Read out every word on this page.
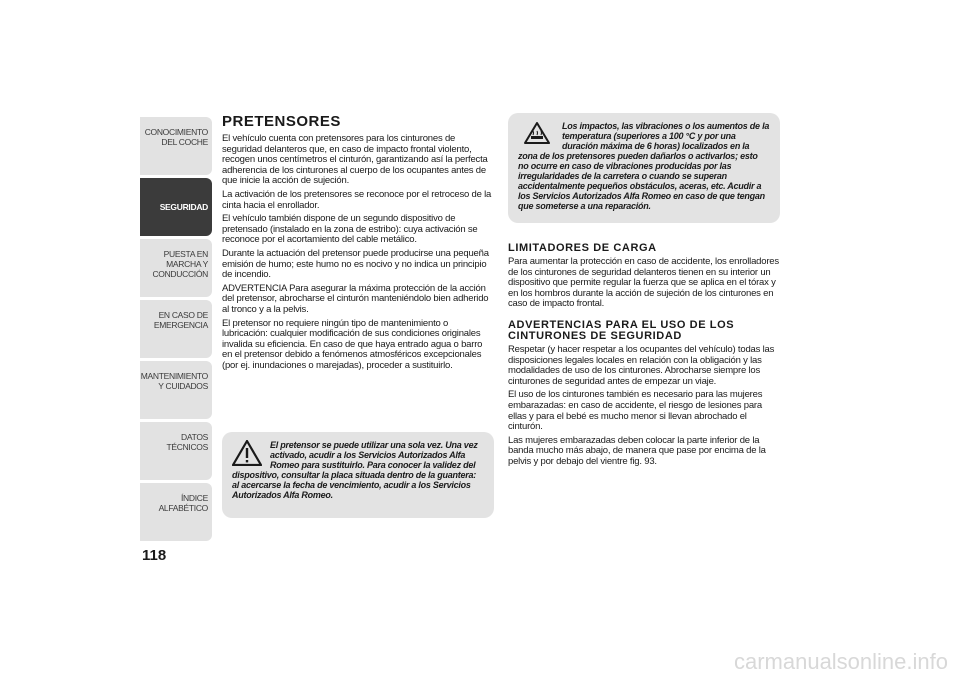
CONOCIMIENTO DEL COCHE
SEGURIDAD
PUESTA EN MARCHA Y CONDUCCIÓN
EN CASO DE EMERGENCIA
MANTENIMIENTO Y CUIDADOS
DATOS TÉCNICOS
ÍNDICE ALFABÉTICO
118
PRETENSORES

El vehículo cuenta con pretensores para los cinturones de seguridad delanteros que, en caso de impacto frontal violento, recogen unos centímetros el cinturón, garantizando así la perfecta adherencia de los cinturones al cuerpo de los ocupantes antes de que inicie la acción de sujeción.

La activación de los pretensores se reconoce por el retroceso de la cinta hacia el enrollador.

El vehículo también dispone de un segundo dispositivo de pretensado (instalado en la zona de estribo): cuya activación se reconoce por el acortamiento del cable metálico.

Durante la actuación del pretensor puede producirse una pequeña emisión de humo; este humo no es nocivo y no indica un principio de incendio.

ADVERTENCIA Para asegurar la máxima protección de la acción del pretensor, abrocharse el cinturón manteniéndolo bien adherido al tronco y a la pelvis.

El pretensor no requiere ningún tipo de mantenimiento o lubricación: cualquier modificación de sus condiciones originales invalida su eficiencia. En caso de que haya entrado agua o barro en el pretensor debido a fenómenos atmosféricos excepcionales (por ej. inundaciones o marejadas), proceder a sustituirlo.

El pretensor se puede utilizar una sola vez. Una vez activado, acudir a los Servicios Autorizados Alfa Romeo para sustituirlo. Para conocer la validez del dispositivo, consultar la placa situada dentro de la guantera: al acercarse la fecha de vencimiento, acudir a los Servicios Autorizados Alfa Romeo.
Los impactos, las vibraciones o los aumentos de la temperatura (superiores a 100 °C y por una duración máxima de 6 horas) localizados en la zona de los pretensores pueden dañarlos o activarlos; esto no ocurre en caso de vibraciones producidas por las irregularidades de la carretera o cuando se superan accidentalmente pequeños obstáculos, aceras, etc. Acudir a los Servicios Autorizados Alfa Romeo en caso de que tengan que someterse a una reparación.
LIMITADORES DE CARGA

Para aumentar la protección en caso de accidente, los enrolladores de los cinturones de seguridad delanteros tienen en su interior un dispositivo que permite regular la fuerza que se aplica en el tórax y en los hombros durante la acción de sujeción de los cinturones en caso de impacto frontal.

ADVERTENCIAS PARA EL USO DE LOS CINTURONES DE SEGURIDAD

Respetar (y hacer respetar a los ocupantes del vehículo) todas las disposiciones legales locales en relación con la obligación y las modalidades de uso de los cinturones. Abrocharse siempre los cinturones de seguridad antes de empezar un viaje.

El uso de los cinturones también es necesario para las mujeres embarazadas: en caso de accidente, el riesgo de lesiones para ellas y para el bebé es mucho menor si llevan abrochado el cinturón.

Las mujeres embarazadas deben colocar la parte inferior de la banda mucho más abajo, de manera que pase por encima de la pelvis y por debajo del vientre fig. 93.

carmanualsonline.info
